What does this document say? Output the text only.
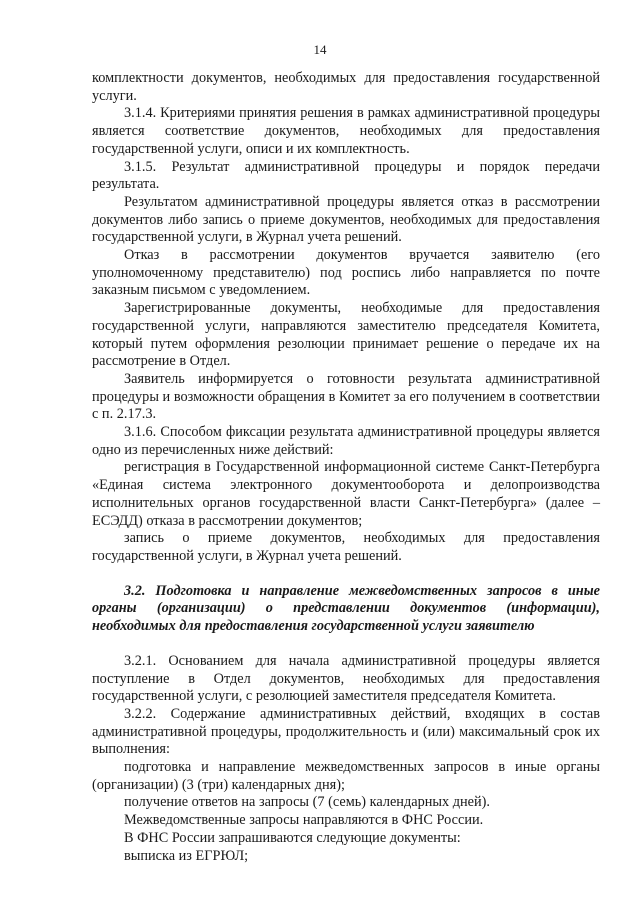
14

комплектности документов, необходимых для предоставления государственной услуги.

3.1.4. Критериями принятия решения в рамках административной процедуры является соответствие документов, необходимых для предоставления государственной услуги, описи и их комплектность.

3.1.5. Результат административной процедуры и порядок передачи результата.

Результатом административной процедуры является отказ в рассмотрении документов либо запись о приеме документов, необходимых для предоставления государственной услуги, в Журнал учета решений.

Отказ в рассмотрении документов вручается заявителю (его уполномоченному представителю) под роспись либо направляется по почте заказным письмом с уведомлением.

Зарегистрированные документы, необходимые для предоставления государственной услуги, направляются заместителю председателя Комитета, который путем оформления резолюции принимает решение о передаче их на рассмотрение в Отдел.

Заявитель информируется о готовности результата административной процедуры и возможности обращения в Комитет за его получением в соответствии с п. 2.17.3.

3.1.6. Способом фиксации результата административной процедуры является одно из перечисленных ниже действий:

регистрация в Государственной информационной системе Санкт-Петербурга «Единая система электронного документооборота и делопроизводства исполнительных органов государственной власти Санкт-Петербурга» (далее – ЕСЭДД) отказа в рассмотрении документов;

запись о приеме документов, необходимых для предоставления государственной услуги, в Журнал учета решений.

3.2. Подготовка и направление межведомственных запросов в иные органы (организации) о представлении документов (информации), необходимых для предоставления государственной услуги заявителю

3.2.1. Основанием для начала административной процедуры является поступление в Отдел документов, необходимых для предоставления государственной услуги, с резолюцией заместителя председателя Комитета.

3.2.2. Содержание административных действий, входящих в состав административной процедуры, продолжительность и (или) максимальный срок их выполнения:

подготовка и направление межведомственных запросов в иные органы (организации) (3 (три) календарных дня);

получение ответов на запросы (7 (семь) календарных дней).

Межведомственные запросы направляются в ФНС России.

В ФНС России запрашиваются следующие документы:

выписка из ЕГРЮЛ;
